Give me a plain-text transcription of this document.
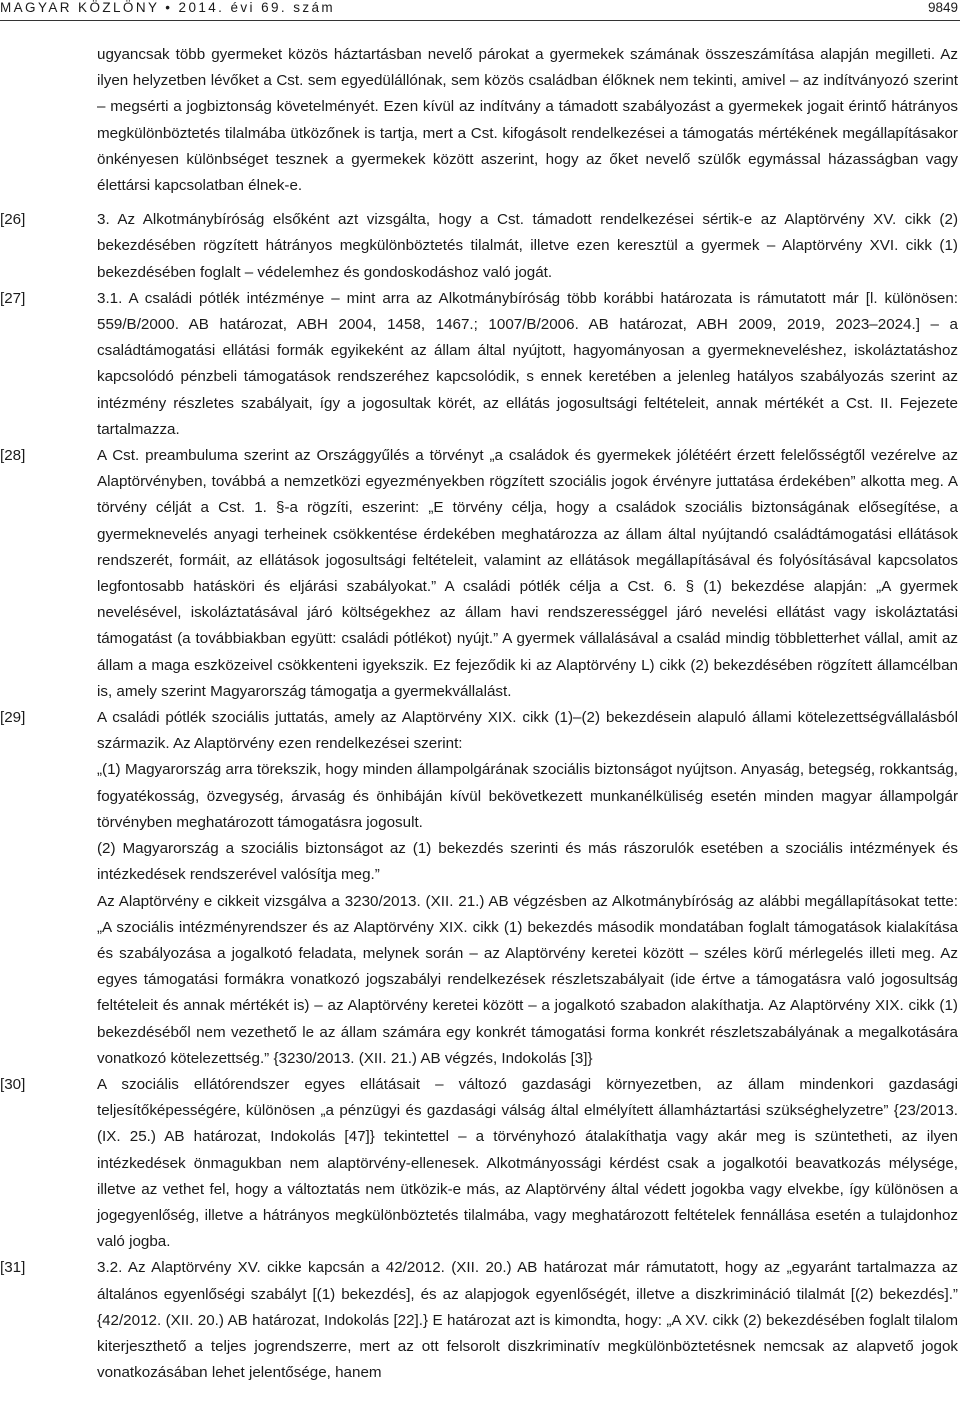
MAGYAR KÖZLÖNY • 2014. évi 69. szám	9849

ugyancsak több gyermeket közös háztartásban nevelő párokat a gyermekek számának összeszámítása alapján megilleti. Az ilyen helyzetben lévőket a Cst. sem egyedülállónak, sem közös családban élőknek nem tekinti, amivel – az indítványozó szerint – megsérti a jogbiztonság követelményét. Ezen kívül az indítvány a támadott szabályozást a gyermekek jogait érintő hátrányos megkülönböztetés tilalmába ütközőnek is tartja, mert a Cst. kifogásolt rendelkezései a támogatás mértékének megállapításakor önkényesen különbséget tesznek a gyermekek között aszerint, hogy az őket nevelő szülők egymással házasságban vagy élettársi kapcsolatban élnek-e.

[26]	3. Az Alkotmánybíróság elsőként azt vizsgálta, hogy a Cst. támadott rendelkezései sértik-e az Alaptörvény XV. cikk (2) bekezdésében rögzített hátrányos megkülönböztetés tilalmát, illetve ezen keresztül a gyermek – Alaptörvény XVI. cikk (1) bekezdésében foglalt – védelemhez és gondoskodáshoz való jogát.

[27]	3.1. A családi pótlék intézménye – mint arra az Alkotmánybíróság több korábbi határozata is rámutatott már [l. különösen: 559/B/2000. AB határozat, ABH 2004, 1458, 1467.; 1007/B/2006. AB határozat, ABH 2009, 2019, 2023–2024.] – a családtámogatási ellátási formák egyikeként az állam által nyújtott, hagyományosan a gyermekneveléshez, iskoláztatáshoz kapcsolódó pénzbeli támogatások rendszeréhez kapcsolódik, s ennek keretében a jelenleg hatályos szabályozás szerint az intézmény részletes szabályait, így a jogosultak körét, az ellátás jogosultsági feltételeit, annak mértékét a Cst. II. Fejezete tartalmazza.

[28]	A Cst. preambuluma szerint az Országgyűlés a törvényt „a családok és gyermekek jólétéért érzett felelősségtől vezérelve az Alaptörvényben, továbbá a nemzetközi egyezményekben rögzített szociális jogok érvényre juttatása érdekében” alkotta meg. A törvény célját a Cst. 1. §-a rögzíti, eszerint: „E törvény célja, hogy a családok szociális biztonságának elősegítése, a gyermeknevelés anyagi terheinek csökkentése érdekében meghatározza az állam által nyújtandó családtámogatási ellátások rendszerét, formáit, az ellátások jogosultsági feltételeit, valamint az ellátások megállapításával és folyósításával kapcsolatos legfontosabb hatásköri és eljárási szabályokat.” A családi pótlék célja a Cst. 6. § (1) bekezdése alapján: „A gyermek nevelésével, iskoláztatásával járó költségekhez az állam havi rendszerességgel járó nevelési ellátást vagy iskoláztatási támogatást (a továbbiakban együtt: családi pótlékot) nyújt.” A gyermek vállalásával a család mindig többletterhet vállal, amit az állam a maga eszközeivel csökkenteni igyekszik. Ez fejeződik ki az Alaptörvény L) cikk (2) bekezdésében rögzített államcélban is, amely szerint Magyarország támogatja a gyermekvállalást.

[29]	A családi pótlék szociális juttatás, amely az Alaptörvény XIX. cikk (1)–(2) bekezdésein alapuló állami kötelezettségvállalásból származik. Az Alaptörvény ezen rendelkezései szerint:

„(1) Magyarország arra törekszik, hogy minden állampolgárának szociális biztonságot nyújtson. Anyaság, betegség, rokkantság, fogyatékosság, özvegység, árvaság és önhibáján kívül bekövetkezett munkanélküliség esetén minden magyar állampolgár törvényben meghatározott támogatásra jogosult.

(2) Magyarország a szociális biztonságot az (1) bekezdés szerinti és más rászorulók esetében a szociális intézmények és intézkedések rendszerével valósítja meg.”

Az Alaptörvény e cikkeit vizsgálva a 3230/2013. (XII. 21.) AB végzésben az Alkotmánybíróság az alábbi megállapításokat tette: „A szociális intézményrendszer és az Alaptörvény XIX. cikk (1) bekezdés második mondatában foglalt támogatások kialakítása és szabályozása a jogalkotó feladata, melynek során – az Alaptörvény keretei között – széles körű mérlegelés illeti meg. Az egyes támogatási formákra vonatkozó jogszabályi rendelkezések részletszabályait (ide értve a támogatásra való jogosultság feltételeit és annak mértékét is) – az Alaptörvény keretei között – a jogalkotó szabadon alakíthatja. Az Alaptörvény XIX. cikk (1) bekezdéséből nem vezethető le az állam számára egy konkrét támogatási forma konkrét részletszabályának a megalkotására vonatkozó kötelezettség.” {3230/2013. (XII. 21.) AB végzés, Indokolás [3]}

[30]	A szociális ellátórendszer egyes ellátásait – változó gazdasági környezetben, az állam mindenkori gazdasági teljesítőképességére, különösen „a pénzügyi és gazdasági válság által elmélyített államháztartási szükséghelyzetre” {23/2013. (IX. 25.) AB határozat, Indokolás [47]} tekintettel – a törvényhozó átalakíthatja vagy akár meg is szüntetheti, az ilyen intézkedések önmagukban nem alaptörvény-ellenesek. Alkotmányossági kérdést csak a jogalkotói beavatkozás mélysége, illetve az vethet fel, hogy a változtatás nem ütközik-e más, az Alaptörvény által védett jogokba vagy elvekbe, így különösen a jogegyenlőség, illetve a hátrányos megkülönböztetés tilalmába, vagy meghatározott feltételek fennállása esetén a tulajdonhoz való jogba.

[31]	3.2. Az Alaptörvény XV. cikke kapcsán a 42/2012. (XII. 20.) AB határozat már rámutatott, hogy az „egyaránt tartalmazza az általános egyenlőségi szabályt [(1) bekezdés], és az alapjogok egyenlőségét, illetve a diszkrimináció tilalmát [(2) bekezdés].” {42/2012. (XII. 20.) AB határozat, Indokolás [22].} E határozat azt is kimondta, hogy: „A XV. cikk (2) bekezdésében foglalt tilalom kiterjeszthető a teljes jogrendszerre, mert az ott felsorolt diszkriminatív megkülönböztetésnek nemcsak az alapvető jogok vonatkozásában lehet jelentősége, hanem
